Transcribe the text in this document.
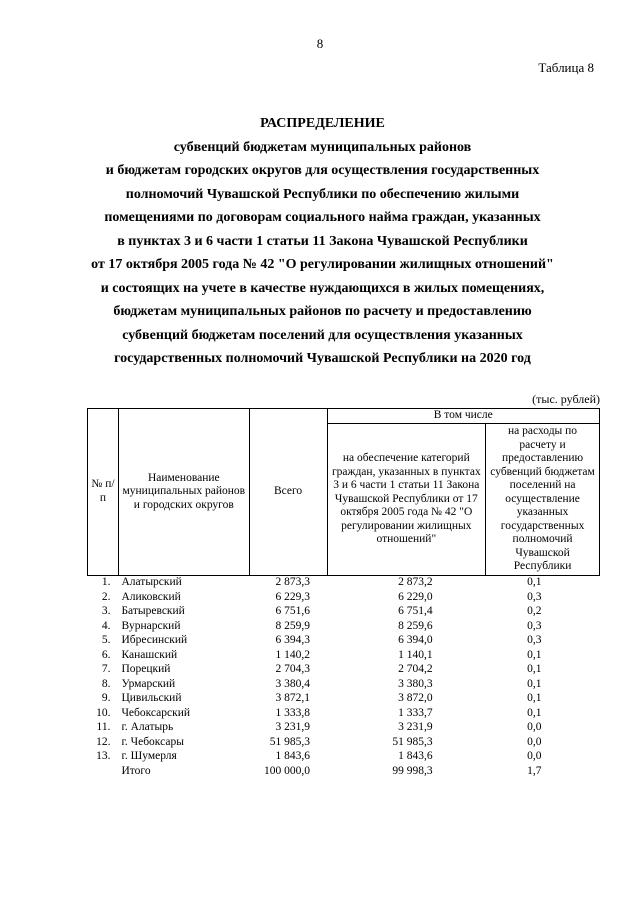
8
Таблица 8
РАСПРЕДЕЛЕНИЕ
субвенций бюджетам муниципальных районов
и бюджетам городских округов для осуществления государственных
полномочий Чувашской Республики по обеспечению жилыми
помещениями по договорам социального найма граждан, указанных
в пунктах 3 и 6 части 1 статьи 11 Закона Чувашской Республики
от 17 октября 2005 года № 42 "О регулировании жилищных отношений"
и состоящих на учете в качестве нуждающихся в жилых помещениях,
бюджетам муниципальных районов по расчету и предоставлению
субвенций бюджетам поселений для осуществления указанных
государственных полномочий Чувашской Республики на 2020 год
(тыс. рублей)
№ п/п	Наименование муниципальных районов и городских округов	Всего	В том числе	
			на обеспечение категорий граждан, указанных в пунктах 3 и 6 части 1 статьи 11 Закона Чувашской Республики от 17 октября 2005 года № 42 "О регулировании жилищных отношений"	на расходы по расчету и предоставлению субвенций бюджетам поселений на осуществление указанных государственных полномочий Чувашской Республики
1.	Алатырский	2 873,3	2 873,2	0,1
2.	Аликовский	6 229,3	6 229,0	0,3
3.	Батыревский	6 751,6	6 751,4	0,2
4.	Вурнарский	8 259,9	8 259,6	0,3
5.	Ибресинский	6 394,3	6 394,0	0,3
6.	Канашский	1 140,2	1 140,1	0,1
7.	Порецкий	2 704,3	2 704,2	0,1
8.	Урмарский	3 380,4	3 380,3	0,1
9.	Цивильский	3 872,1	3 872,0	0,1
10.	Чебоксарский	1 333,8	1 333,7	0,1
11.	г. Алатырь	3 231,9	3 231,9	0,0
12.	г. Чебоксары	51 985,3	51 985,3	0,0
13.	г. Шумерля	1 843,6	1 843,6	0,0
	Итого	100 000,0	99 998,3	1,7
